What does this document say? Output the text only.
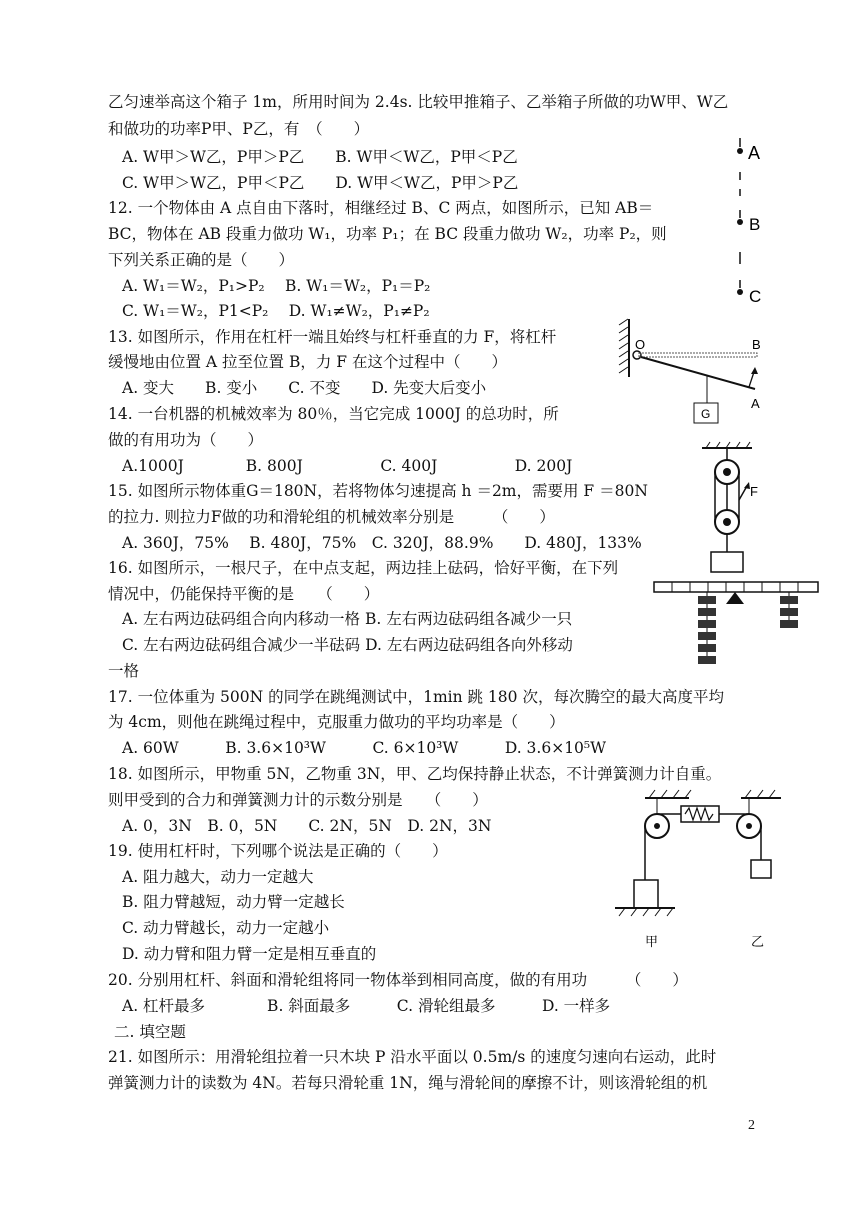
乙匀速举高这个箱子 1m，所用时间为 2.4s. 比较甲推箱子、乙举箱子所做的功W甲、W乙
和做功的功率P甲、P乙，有　（　　）
A. W甲＞W乙，P甲＞P乙　　B. W甲＜W乙，P甲＜P乙
C. W甲＞W乙，P甲＜P乙　　D. W甲＜W乙，P甲＞P乙
12. 一个物体由 A 点自由下落时，相继经过 B、C 两点，如图所示，已知 AB＝
BC，物体在 AB 段重力做功 W₁，功率 P₁；在 BC 段重力做功 W₂，功率 P₂，则
下列关系正确的是（　　）
A. W₁＝W₂，P₁>P₂　 B. W₁＝W₂，P₁＝P₂
C. W₁＝W₂，P1<P₂　 D. W₁≠W₂，P₁≠P₂
13. 如图所示，作用在杠杆一端且始终与杠杆垂直的力 F，将杠杆
缓慢地由位置 A 拉至位置 B，力 F 在这个过程中（　　）
A. 变大　　B. 变小　　C. 不变　　D. 先变大后变小
14. 一台机器的机械效率为 80％，当它完成 1000J 的总功时，所
做的有用功为（　　）
A.1000J　　　　B. 800J　　　　　C. 400J　　　　　D. 200J
15. 如图所示物体重G＝180N，若将物体匀速提高 h ＝2m，需要用 F ＝80N
的拉力. 则拉力F做的功和滑轮组的机械效率分别是　　　（　　）
A. 360J，75%　 B. 480J，75%　C. 320J，88.9%　　D. 480J，133%
16. 如图所示，一根尺子，在中点支起，两边挂上砝码，恰好平衡，在下列
情况中，仍能保持平衡的是　　（　　）
A. 左右两边砝码组合向内移动一格 B. 左右两边砝码组各减少一只
C. 左右两边砝码组合减少一半砝码 D. 左右两边砝码组各向外移动
一格
17. 一位体重为 500N 的同学在跳绳测试中，1min 跳 180 次，每次腾空的最大高度平均
为 4cm，则他在跳绳过程中，克服重力做功的平均功率是（　　）
A. 60W　　　B. 3.6×10³W　　　C. 6×10³W　　　D. 3.6×10⁵W
18. 如图所示，甲物重 5N，乙物重 3N，甲、乙均保持静止状态，不计弹簧测力计自重。
则甲受到的合力和弹簧测力计的示数分别是　　（　　）
A. 0，3N　B. 0，5N　　C. 2N，5N　D. 2N，3N
19. 使用杠杆时，下列哪个说法是正确的（　　）
A. 阻力越大，动力一定越大
B. 阻力臂越短，动力臂一定越长
C. 动力臂越长，动力一定越小
D. 动力臂和阻力臂一定是相互垂直的
20. 分别用杠杆、斜面和滑轮组将同一物体举到相同高度，做的有用功　　　（　　）
A. 杠杆最多　　　　B. 斜面最多　　　C. 滑轮组最多　　　D. 一样多
二. 填空题
21. 如图所示：用滑轮组拉着一只木块 P 沿水平面以 0.5m/s 的速度匀速向右运动，此时
弹簧测力计的读数为 4N。若每只滑轮重 1N，绳与滑轮间的摩擦不计，则该滑轮组的机
2
A
B
C
G
O	B
A
F
甲	乙
